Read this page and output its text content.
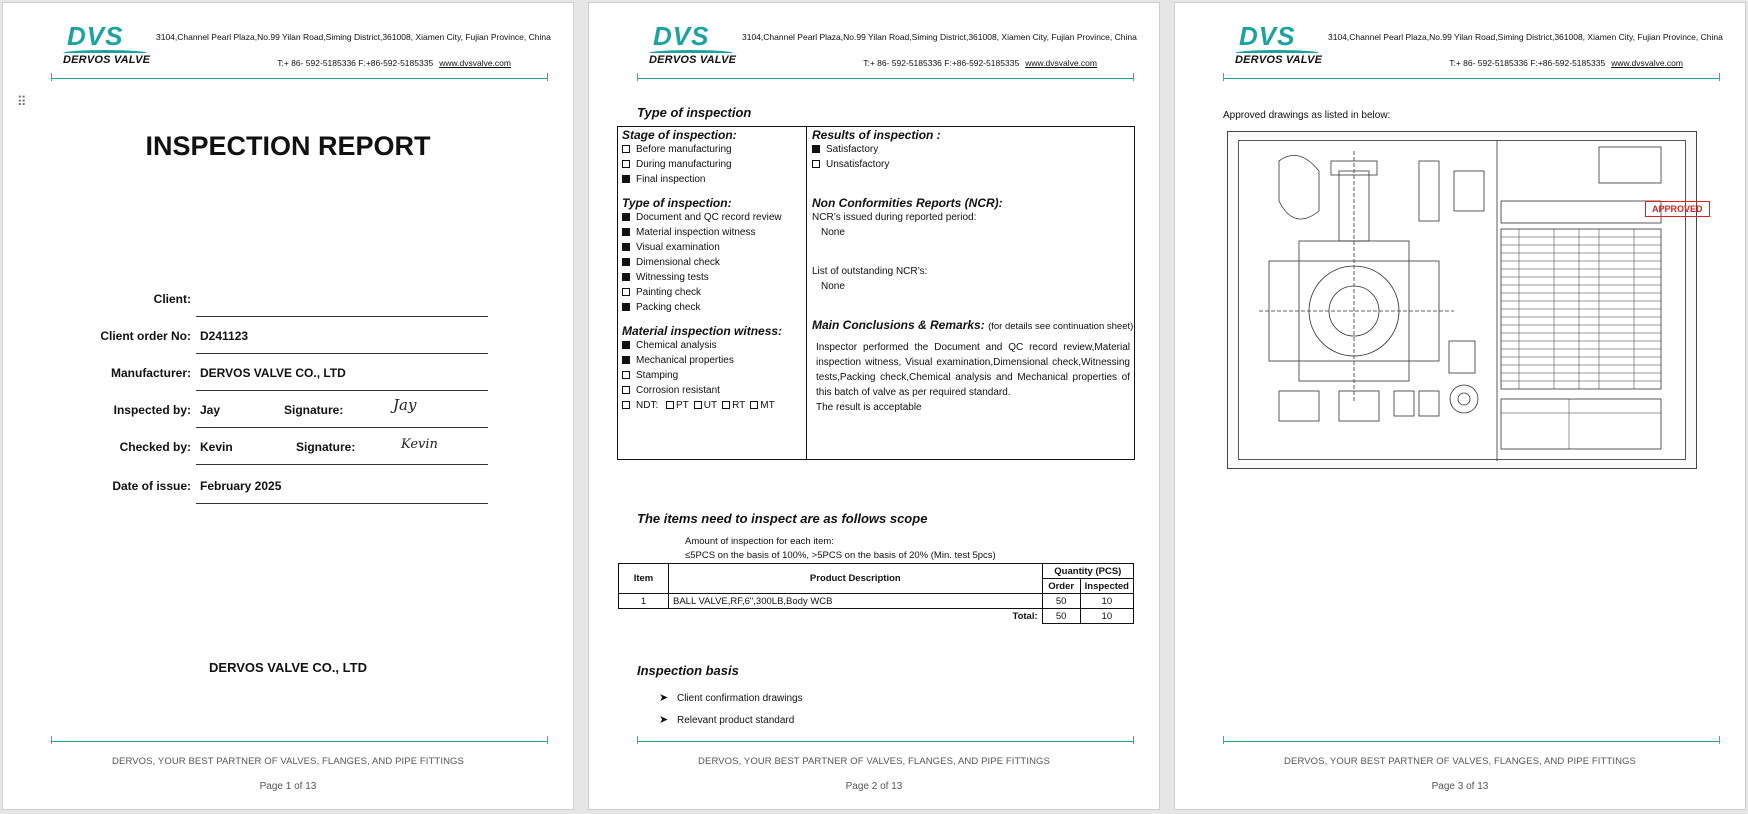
DVS
DERVOS VALVE
3104,Channel Pearl Plaza,No.99 Yilan Road,Siming District,361008, Xiamen City, Fujian Province, China
T:+ 86- 592-5185336 F:+86-592-5185335 www.dvsvalve.com
⠿
INSPECTION REPORT
Client:
Client order No: D241123
Manufacturer: DERVOS VALVE CO., LTD
Inspected by: Jay	Signature:	Jay
Checked by: Kevin	Signature:	Kevin
Date of issue: February 2025
DERVOS VALVE CO., LTD
DERVOS, YOUR BEST PARTNER OF VALVES, FLANGES, AND PIPE FITTINGS
Page 1 of 13
DVS
DERVOS VALVE
3104,Channel Pearl Plaza,No.99 Yilan Road,Siming District,361008, Xiamen City, Fujian Province, China
T:+ 86- 592-5185336 F:+86-592-5185335 www.dvsvalve.com
Type of inspection
Stage of inspection:
Before manufacturing
During manufacturing
Final inspection
Type of inspection:
Document and QC record review
Material inspection witness
Visual examination
Dimensional check
Witnessing tests
Painting check
Packing check
Material inspection witness:
Chemical analysis
Mechanical properties
Stamping
Corrosion resistant
NDT: PT UT RT MT
Results of inspection :
Satisfactory
Unsatisfactory
Non Conformities Reports (NCR):
NCR’s issued during reported period:
None
List of outstanding NCR’s:
None
Main Conclusions & Remarks: (for details see continuation sheet)
Inspector performed the Document and QC record review,Material inspection witness, Visual examination,Dimensional check,Witnessing tests,Packing check,Chemical analysis and Mechanical properties of this batch of valve as per required standard.
The result is acceptable
The items need to inspect are as follows scope
Amount of inspection for each item:
≤5PCS on the basis of 100%, >5PCS on the basis of 20% (Min. test 5pcs)
Item	Product Description	Quantity (PCS)	
		Order	Inspected
1	BALL VALVE,RF,6",300LB,Body WCB	50	10
Total:		50	10
Inspection basis
➤ Client confirmation drawings
➤ Relevant product standard
DERVOS, YOUR BEST PARTNER OF VALVES, FLANGES, AND PIPE FITTINGS
Page 2 of 13
DVS
DERVOS VALVE
3104,Channel Pearl Plaza,No.99 Yilan Road,Siming District,361008, Xiamen City, Fujian Province, China
T:+ 86- 592-5185336 F:+86-592-5185335 www.dvsvalve.com
Approved drawings as listed in below:
APPROVED
DERVOS, YOUR BEST PARTNER OF VALVES, FLANGES, AND PIPE FITTINGS
Page 3 of 13
